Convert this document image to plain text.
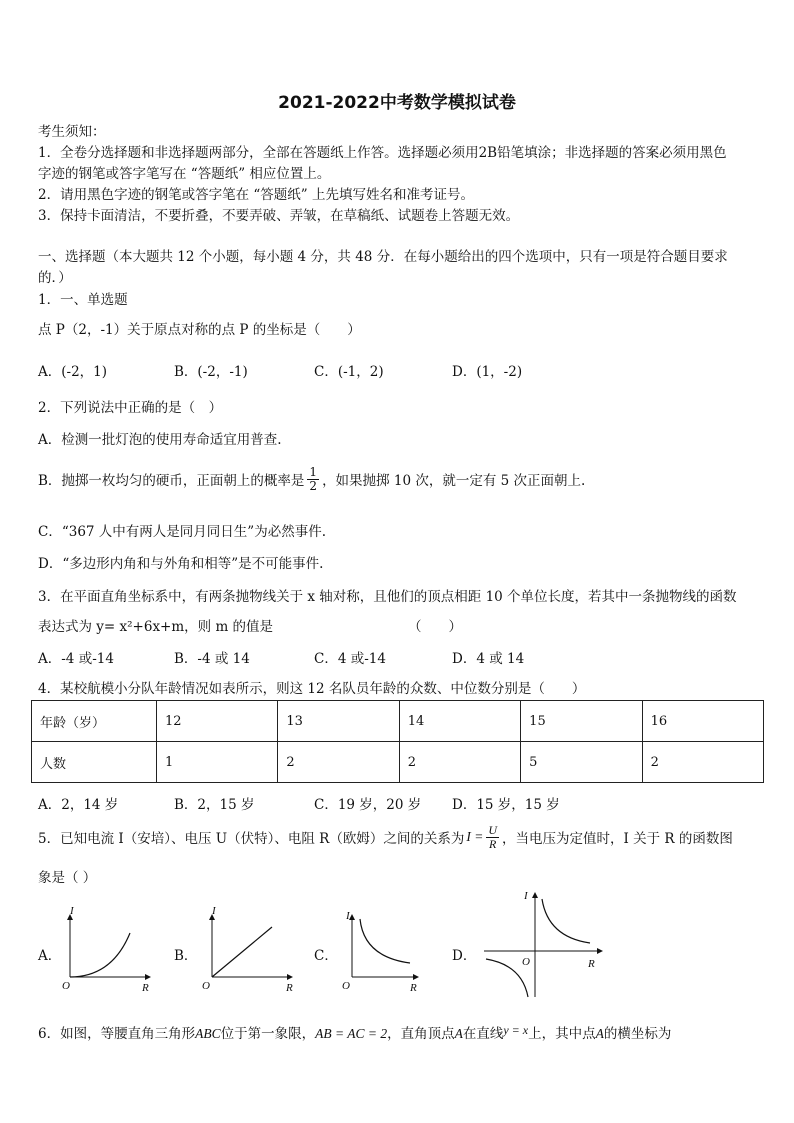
2021-2022中考数学模拟试卷
考生须知：
1．全卷分选择题和非选择题两部分，全部在答题纸上作答。选择题必须用2B铅笔填涂；非选择题的答案必须用黑色
字迹的钢笔或答字笔写在 “答题纸” 相应位置上。
2．请用黑色字迹的钢笔或答字笔在 “答题纸” 上先填写姓名和准考证号。
3．保持卡面清洁，不要折叠，不要弄破、弄皱，在草稿纸、试题卷上答题无效。
一、选择题（本大题共 12 个小题，每小题 4 分，共 48 分．在每小题给出的四个选项中，只有一项是符合题目要求
的．）
1．一、单选题
点 P（2，-1）关于原点对称的点 P 的坐标是（　　）
A．(-2，1)	B．(-2，-1)	C．(-1，2)	D．(1，-2)
2．下列说法中正确的是（　）
A．检测一批灯泡的使用寿命适宜用普查.
B．抛掷一枚均匀的硬币，正面朝上的概率是 $\frac{1}{2}$ ，如果抛掷 10 次，就一定有 5 次正面朝上.
C．“367 人中有两人是同月同日生”为必然事件.
D．“多边形内角和与外角和相等”是不可能事件.
3．在平面直角坐标系中，有两条抛物线关于 x 轴对称，且他们的顶点相距 10 个单位长度，若其中一条抛物线的函数
表达式为 y= x²+6x+m，则 m 的值是	（　　）
A．-4 或-14	B．-4 或 14	C．4 或-14	D．4 或 14
4．某校航模小分队年龄情况如表所示，则这 12 名队员年龄的众数、中位数分别是（　　）
年龄（岁）	12	13	14	15	16
人数	1	2	2	5	2
A．2，14 岁	B．2，15 岁	C．19 岁，20 岁 D．15 岁，15 岁
5．已知电流 I（安培）、电压 U（伏特）、电阻 R（欧姆）之间的关系为 $I = \frac{U}{R}$ ，当电压为定值时，I 关于 R 的函数图
象是（ ）
A．
I
R
O
B．
I
R
O
C．
I
R
O
D．
I
R
O
6．如图，等腰直角三角形ABC位于第一象限，AB = AC = 2，直角顶点A在直线y = x上，其中点A的横坐标为
